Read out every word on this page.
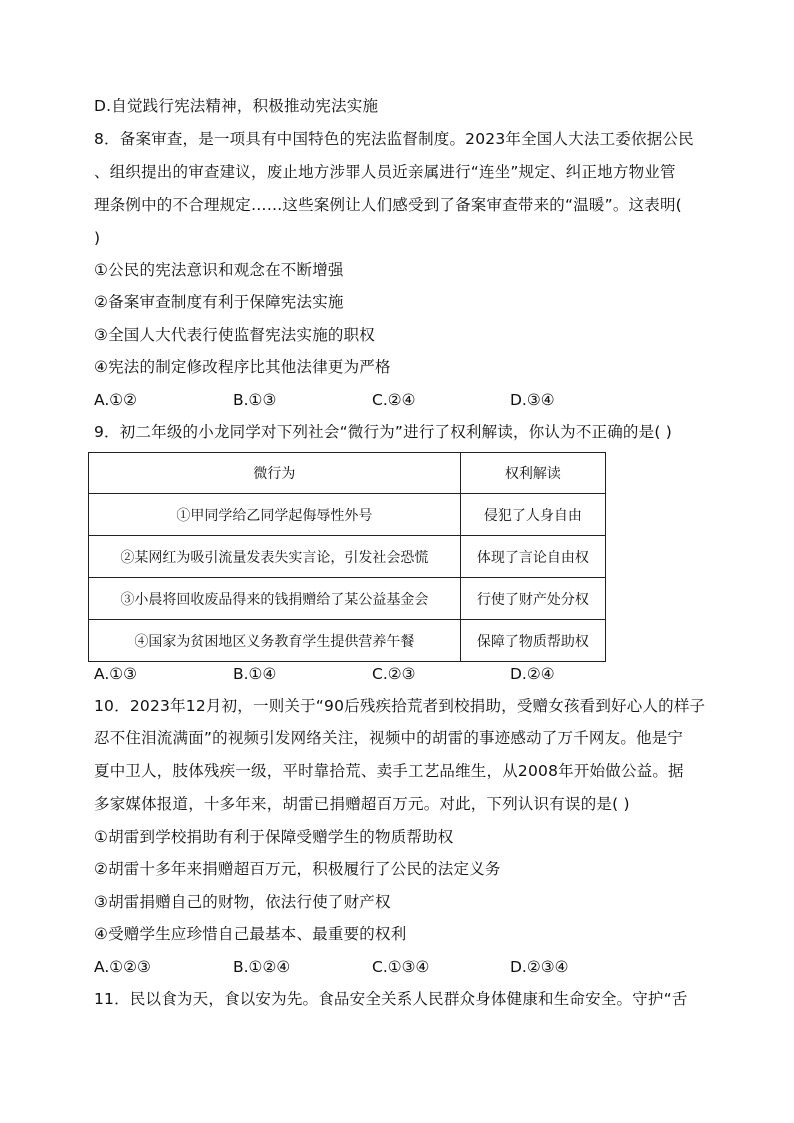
D.自觉践行宪法精神，积极推动宪法实施
8．备案审查，是一项具有中国特色的宪法监督制度。2023年全国人大法工委依据公民
、组织提出的审查建议，废止地方涉罪人员近亲属进行“连坐”规定、纠正地方物业管
理条例中的不合理规定……这些案例让人们感受到了备案审查带来的“温暖”。这表明(
)
①公民的宪法意识和观念在不断增强
②备案审查制度有利于保障宪法实施
③全国人大代表行使监督宪法实施的职权
④宪法的制定修改程序比其他法律更为严格
A.①②	B.①③	C.②④	D.③④
9．初二年级的小龙同学对下列社会“微行为”进行了权利解读，你认为不正确的是( )
微行为	权利解读
①甲同学给乙同学起侮辱性外号	侵犯了人身自由
②某网红为吸引流量发表失实言论，引发社会恐慌	体现了言论自由权
③小晨将回收废品得来的钱捐赠给了某公益基金会	行使了财产处分权
④国家为贫困地区义务教育学生提供营养午餐	保障了物质帮助权
A.①③	B.①④	C.②③	D.②④
10．2023年12月初，一则关于“90后残疾拾荒者到校捐助，受赠女孩看到好心人的样子
忍不住泪流满面”的视频引发网络关注，视频中的胡雷的事迹感动了万千网友。他是宁
夏中卫人，肢体残疾一级，平时靠拾荒、卖手工艺品维生，从2008年开始做公益。据
多家媒体报道，十多年来，胡雷已捐赠超百万元。对此，下列认识有误的是( )
①胡雷到学校捐助有利于保障受赠学生的物质帮助权
②胡雷十多年来捐赠超百万元，积极履行了公民的法定义务
③胡雷捐赠自己的财物，依法行使了财产权
④受赠学生应珍惜自己最基本、最重要的权利
A.①②③	B.①②④	C.①③④	D.②③④
11．民以食为天，食以安为先。食品安全关系人民群众身体健康和生命安全。守护“舌
